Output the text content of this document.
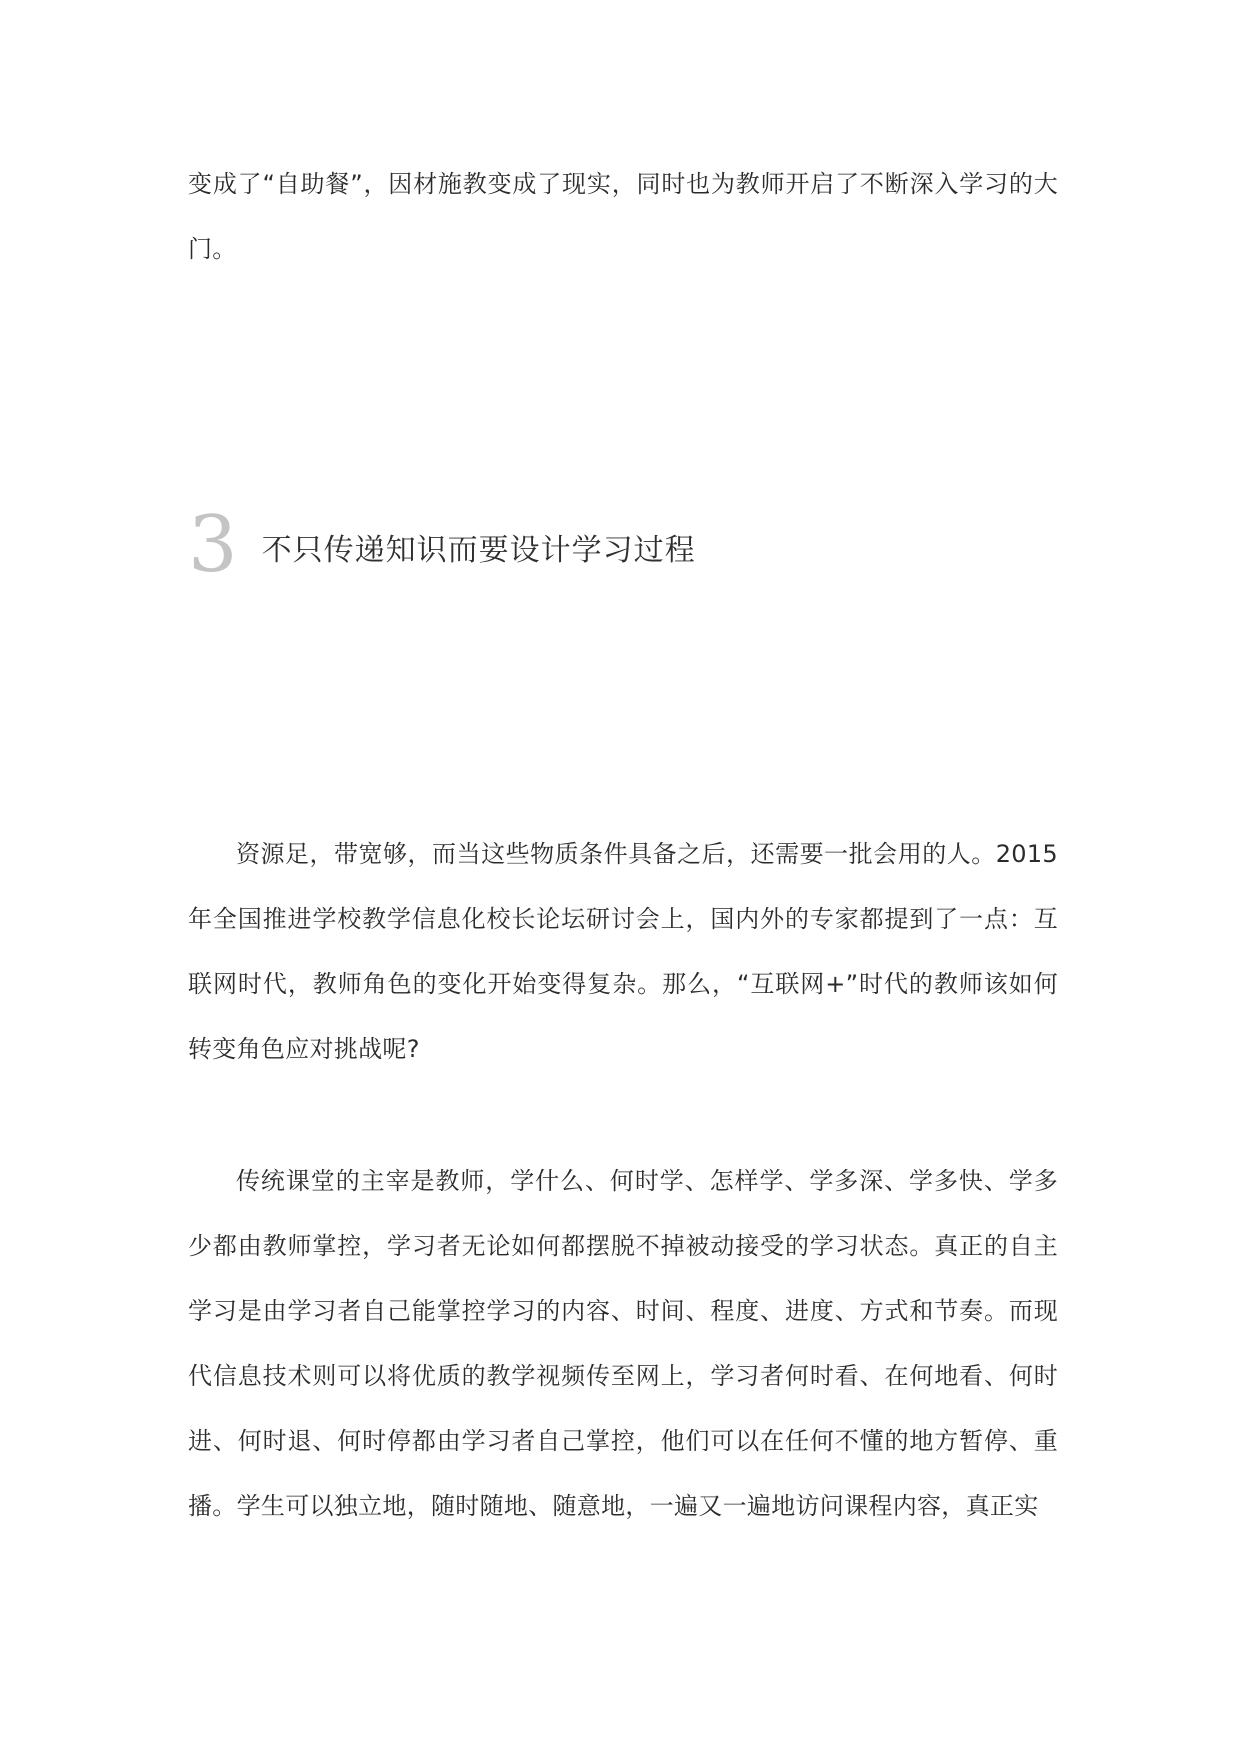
变成了“自助餐”，因材施教变成了现实，同时也为教师开启了不断深入学习的大门。

3 不只传递知识而要设计学习过程

资源足，带宽够，而当这些物质条件具备之后，还需要一批会用的人。2015年全国推进学校教学信息化校长论坛研讨会上，国内外的专家都提到了一点：互联网时代，教师角色的变化开始变得复杂。那么，“互联网+”时代的教师该如何转变角色应对挑战呢?

传统课堂的主宰是教师，学什么、何时学、怎样学、学多深、学多快、学多少都由教师掌控，学习者无论如何都摆脱不掉被动接受的学习状态。真正的自主学习是由学习者自己能掌控学习的内容、时间、程度、进度、方式和节奏。而现代信息技术则可以将优质的教学视频传至网上，学习者何时看、在何地看、何时进、何时退、何时停都由学习者自己掌控，他们可以在任何不懂的地方暂停、重播。学生可以独立地，随时随地、随意地，一遍又一遍地访问课程内容，真正实
